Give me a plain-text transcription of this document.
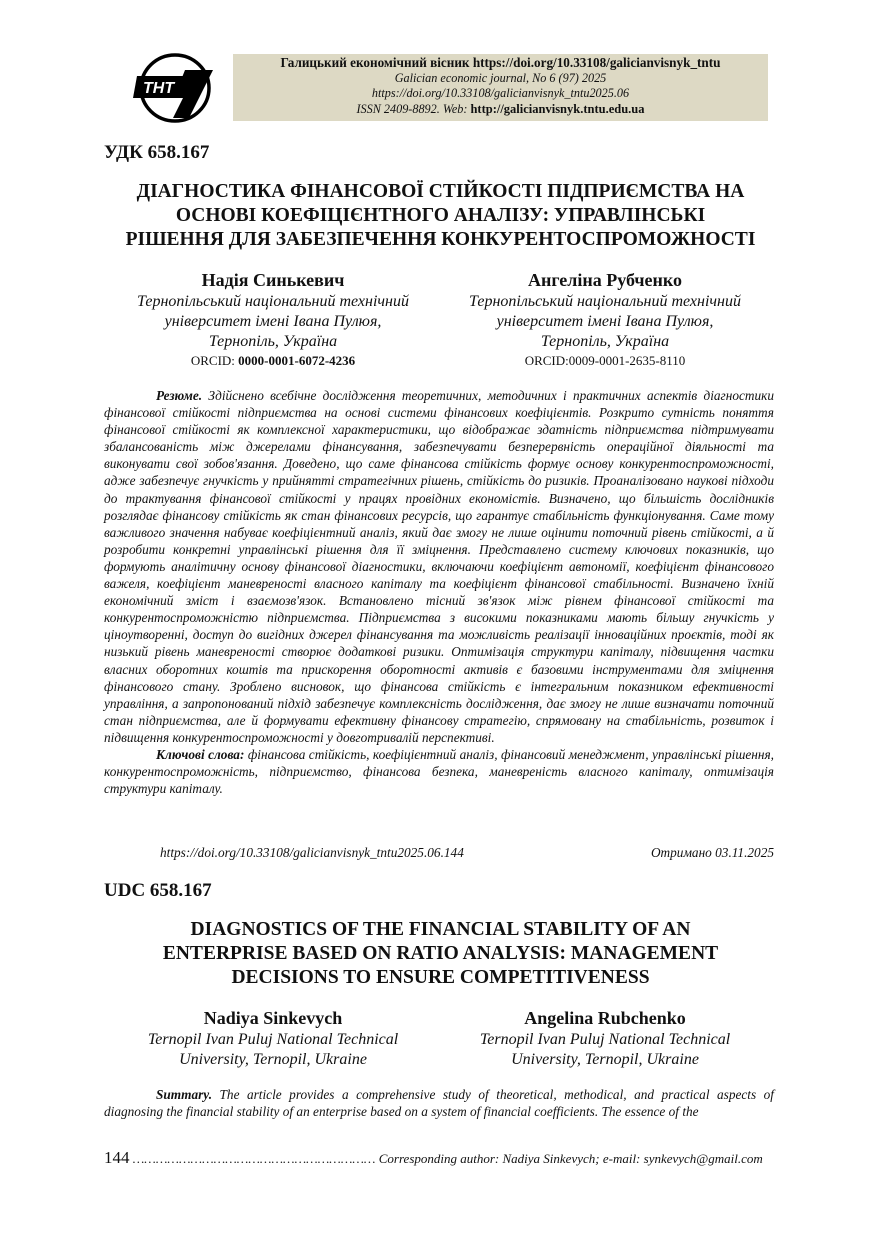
THT
Галицький економічний вісник https://doi.org/10.33108/galicianvisnyk_tntu
Galician economic journal, No 6 (97) 2025
https://doi.org/10.33108/galicianvisnyk_tntu2025.06
ISSN 2409-8892. Web: http://galicianvisnyk.tntu.edu.ua
УДК 658.167
ДІАГНОСТИКА ФІНАНСОВОЇ СТІЙКОСТІ ПІДПРИЄМСТВА НА
ОСНОВІ КОЕФІЦІЄНТНОГО АНАЛІЗУ: УПРАВЛІНСЬКІ
РІШЕННЯ ДЛЯ ЗАБЕЗПЕЧЕННЯ КОНКУРЕНТОСПРОМОЖНОСТІ
Надія Синькевич
Тернопільський національний технічний
університет імені Івана Пулюя,
Тернопіль, Україна
ORCID: 0000-0001-6072-4236
Ангеліна Рубченко
Тернопільський національний технічний
університет імені Івана Пулюя,
Тернопіль, Україна
ORCID:0009-0001-2635-8110

Резюме. Здійснено всебічне дослідження теоретичних, методичних і практичних аспектів діагностики фінансової стійкості підприємства на основі системи фінансових коефіцієнтів. Розкрито сутність поняття фінансової стійкості як комплексної характеристики, що відображає здатність підприємства підтримувати збалансованість між джерелами фінансування, забезпечувати безперервність операційної діяльності та виконувати свої зобов'язання. Доведено, що саме фінансова стійкість формує основу конкурентоспроможності, адже забезпечує гнучкість у прийнятті стратегічних рішень, стійкість до ризиків. Проаналізовано наукові підходи до трактування фінансової стійкості у працях провідних економістів. Визначено, що більшість дослідників розглядає фінансову стійкість як стан фінансових ресурсів, що гарантує стабільність функціонування. Саме тому важливого значення набуває коефіцієнтний аналіз, який дає змогу не лише оцінити поточний рівень стійкості, а й розробити конкретні управлінські рішення для її зміцнення. Представлено систему ключових показників, що формують аналітичну основу фінансової діагностики, включаючи коефіцієнт автономії, коефіцієнт фінансового важеля, коефіцієнт маневреності власного капіталу та коефіцієнт фінансової стабільності. Визначено їхній економічний зміст і взаємозв'язок. Встановлено тісний зв'язок між рівнем фінансової стійкості та конкурентоспроможністю підприємства. Підприємства з високими показниками мають більшу гнучкість у ціноутворенні, доступ до вигідних джерел фінансування та можливість реалізації інноваційних проєктів, тоді як низький рівень маневреності створює додаткові ризики. Оптимізація структури капіталу, підвищення частки власних оборотних коштів та прискорення оборотності активів є базовими інструментами для зміцнення фінансового стану. Зроблено висновок, що фінансова стійкість є інтегральним показником ефективності управління, а запропонований підхід забезпечує комплексність дослідження, дає змогу не лише визначати поточний стан підприємства, але й формувати ефективну фінансову стратегію, спрямовану на стабільність, розвиток і підвищення конкурентоспроможності у довготривалій перспективі.

Ключові слова: фінансова стійкість, коефіцієнтний аналіз, фінансовий менеджмент, управлінські рішення, конкурентоспроможність, підприємство, фінансова безпека, маневреність власного капіталу, оптимізація структури капіталу.

https://doi.org/10.33108/galicianvisnyk_tntu2025.06.144	Отримано 03.11.2025
UDC 658.167
DIAGNOSTICS OF THE FINANCIAL STABILITY OF AN
ENTERPRISE BASED ON RATIO ANALYSIS: MANAGEMENT
DECISIONS TO ENSURE COMPETITIVENESS
Nadiya Sinkevych
Ternopil Ivan Puluj National Technical
University, Ternopil, Ukraine
Angelina Rubchenko
Ternopil Ivan Puluj National Technical
University, Ternopil, Ukraine

Summary. The article provides a comprehensive study of theoretical, methodical, and practical aspects of diagnosing the financial stability of an enterprise based on a system of financial coefficients. The essence of the

144 ……………………………………………………… Corresponding author: Nadiya Sinkevych; e-mail: synkevych@gmail.com
